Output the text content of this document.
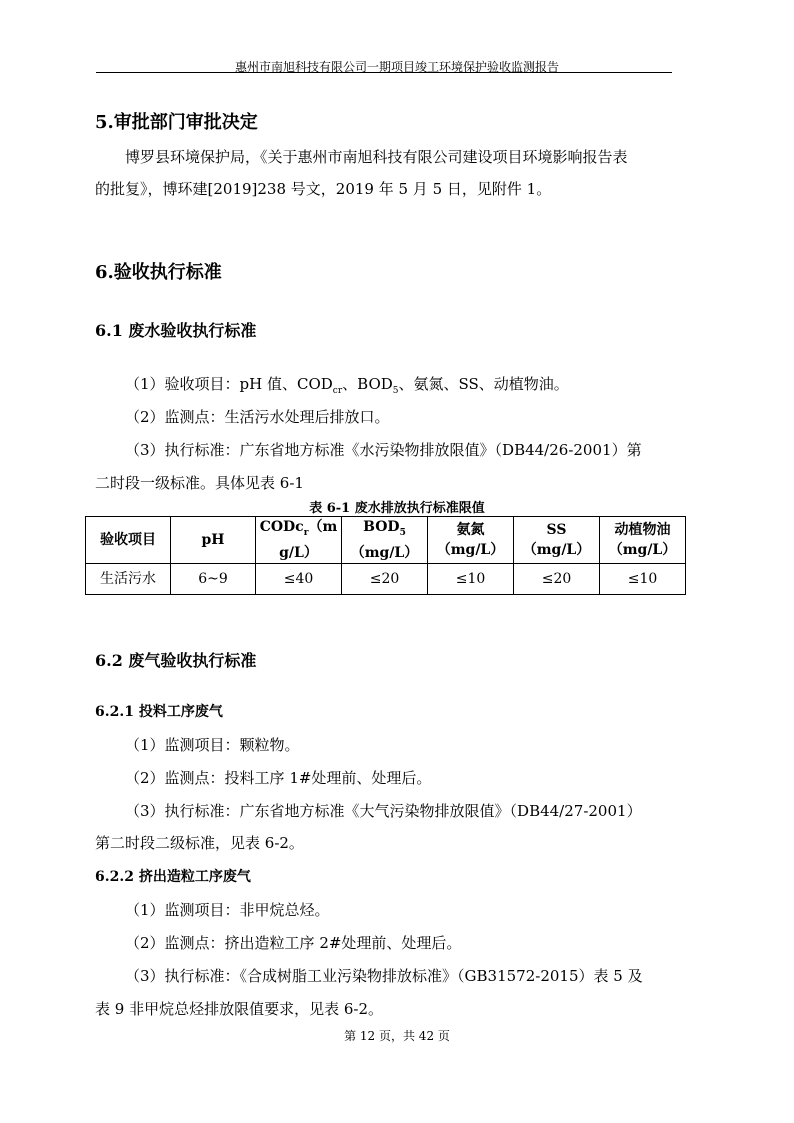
惠州市南旭科技有限公司一期项目竣工环境保护验收监测报告
5.审批部门审批决定
博罗县环境保护局，《关于惠州市南旭科技有限公司建设项目环境影响报告表
的批复》，博环建[2019]238 号文，2019 年 5 月 5 日，见附件 1。
6.验收执行标准
6.1 废水验收执行标准
（1）验收项目：pH 值、$COD_{cr}$、$BOD_5$、氨氮、SS、动植物油。
（2）监测点：生活污水处理后排放口。
（3）执行标准：广东省地方标准《水污染物排放限值》（DB44/26-2001）第
二时段一级标准。具体见表 6-1
表 6-1 废水排放执行标准限值
验收项目	pH	CODc$_r$（m
g/L）	$BOD_5$
（mg/L）	氨氮
（mg/L）	SS
（mg/L）	动植物油
（mg/L）
生活污水	6~9	≤40	≤20	≤10	≤20	≤10
6.2 废气验收执行标准
6.2.1 投料工序废气
（1）监测项目：颗粒物。
（2）监测点：投料工序 1#处理前、处理后。
（3）执行标准：广东省地方标准《大气污染物排放限值》（DB44/27-2001）
第二时段二级标准，见表 6-2。
6.2.2 挤出造粒工序废气
（1）监测项目：非甲烷总烃。
（2）监测点：挤出造粒工序 2#处理前、处理后。
（3）执行标准：《合成树脂工业污染物排放标准》（GB31572-2015）表 5 及
表 9 非甲烷总烃排放限值要求，见表 6-2。
第 12 页，共 42 页
